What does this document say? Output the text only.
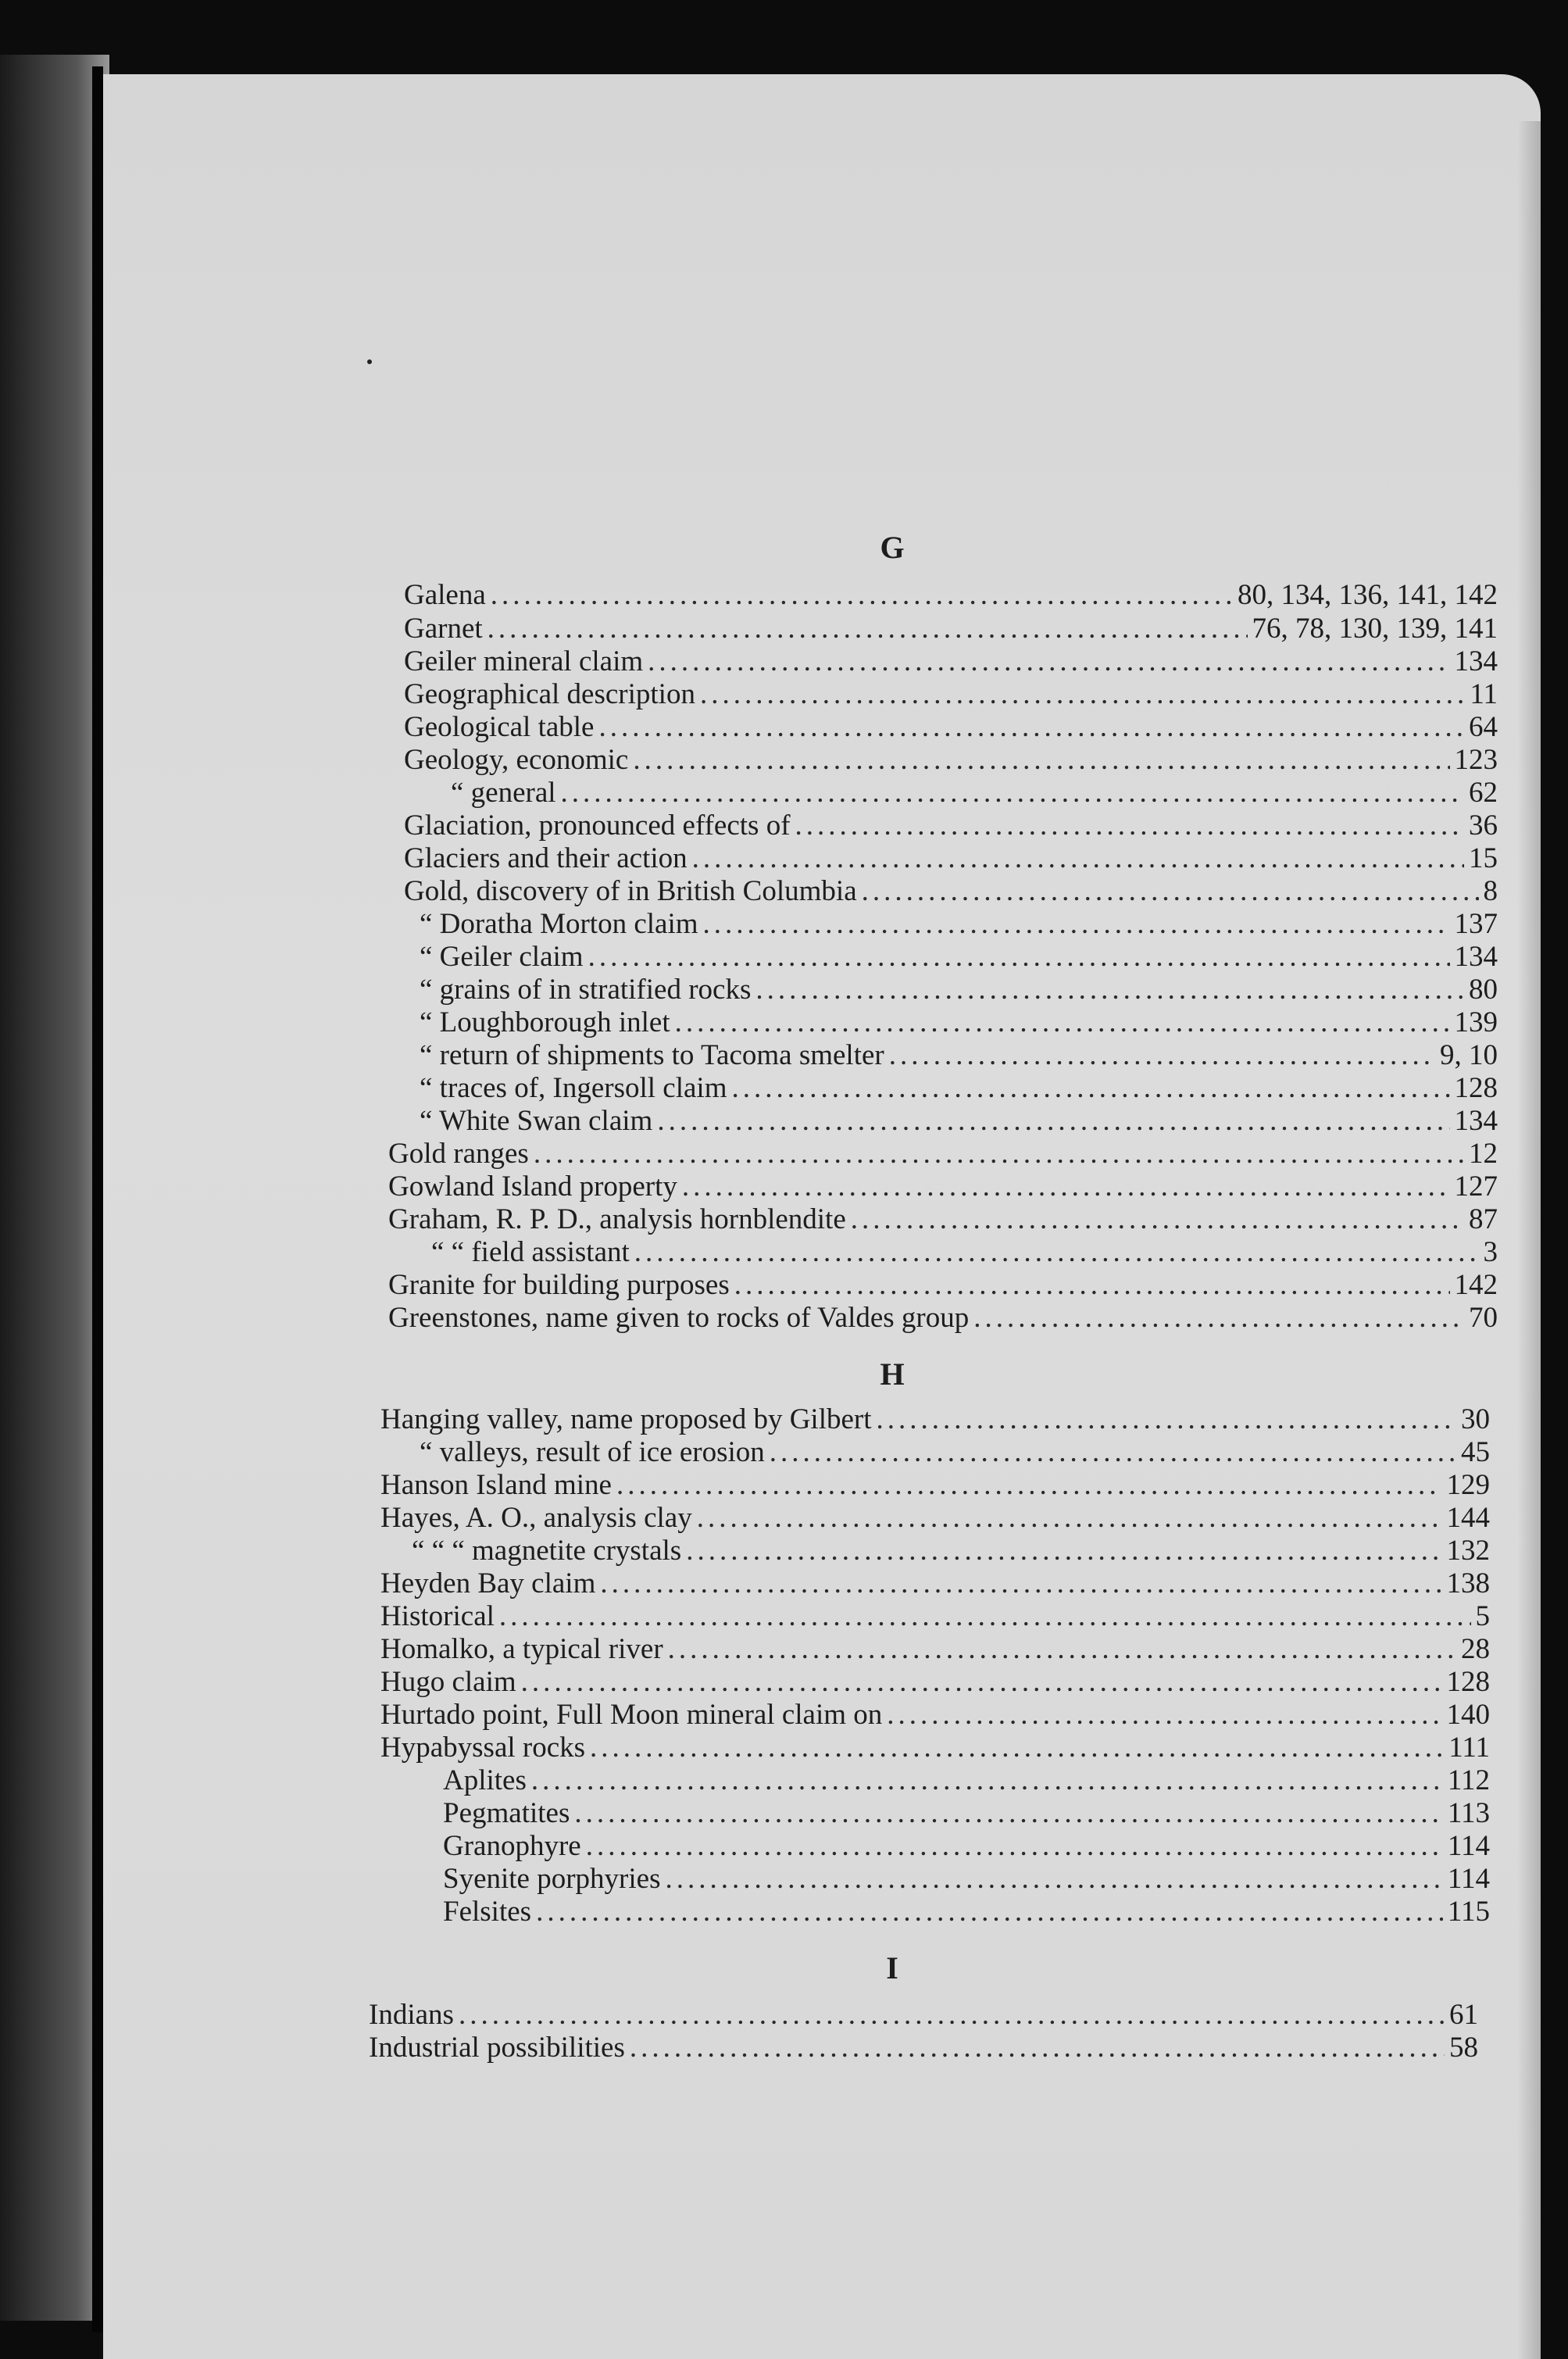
G
Galena .....	80, 134, 136, 141, 142
Garnet .....	76, 78, 130, 139, 141
Geiler mineral claim .....	134
Geographical description .....	11
Geological table .....	64
Geology, economic .....	123
“ general .....	62
Glaciation, pronounced effects of .....	36
Glaciers and their action .....	15
Gold, discovery of in British Columbia .....	8
“ Doratha Morton claim .....	137
“ Geiler claim .....	134
“ grains of in stratified rocks .....	80
“ Loughborough inlet .....	139
“ return of shipments to Tacoma smelter .....	9, 10
“ traces of, Ingersoll claim .....	128
“ White Swan claim .....	134
Gold ranges .....	12
Gowland Island property .....	127
Graham, R. P. D., analysis hornblendite .....	87
“ “ field assistant .....	3
Granite for building purposes .....	142
Greenstones, name given to rocks of Valdes group .....	70
H
Hanging valley, name proposed by Gilbert .....	30
“ valleys, result of ice erosion .....	45
Hanson Island mine .....	129
Hayes, A. O., analysis clay .....	144
“ “ “ magnetite crystals .....	132
Heyden Bay claim .....	138
Historical .....	5
Homalko, a typical river .....	28
Hugo claim .....	128
Hurtado point, Full Moon mineral claim on .....	140
Hypabyssal rocks .....	111
Aplites .....	112
Pegmatites .....	113
Granophyre .....	114
Syenite porphyries .....	114
Felsites .....	115
I
Indians .....	61
Industrial possibilities .....	58
